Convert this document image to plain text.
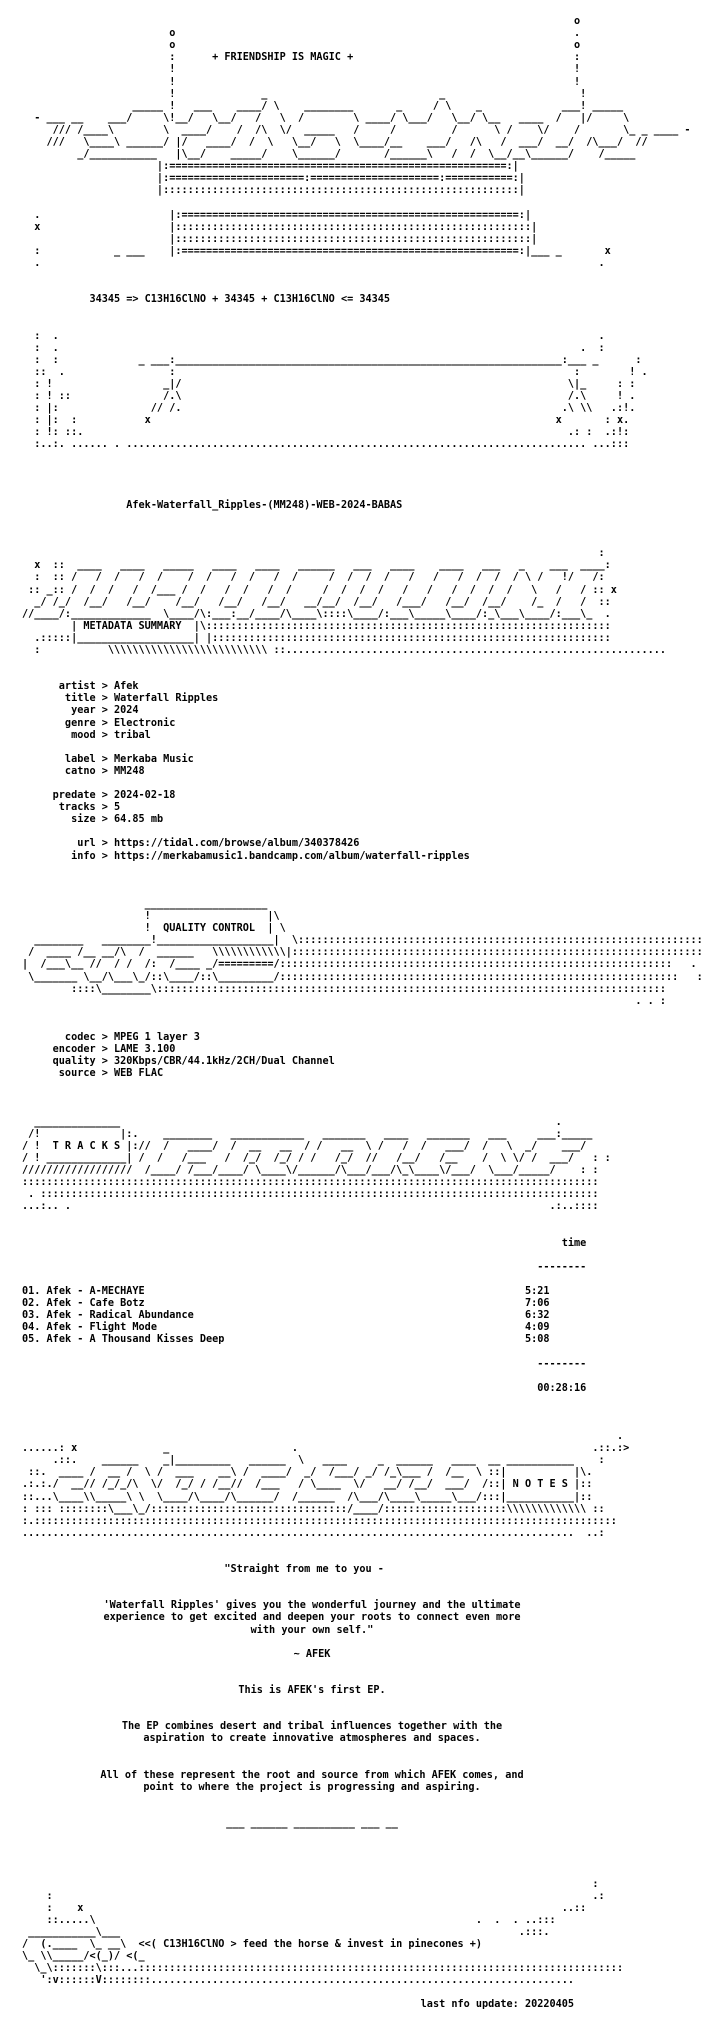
o
o                                                                 .
o                                                                 o
:      + FRIENDSHIP IS MAGIC +                                    :
!                                                                 !
!                                                                 !
!              _                            _                      !
_____ !   ___    ____/ \    ________       _     / \    _             ___! _____
- ___ __    ___/     \!__/   \__/   /   \  /        \ ____/ \___/   \__/ \__   ____  /   |/     \
/// /____\        \  ____/    /  /\  \/  _____   /     /         /      \ /    \/    /       \_ _ ____ -
///   \____\ ______/ |/   ____/  /  \   \__/   \  \____/__    ___/   /\   /  ___/  __/  /\___/  //
_/___________   |\__/    _____/    \______/       /______\   /  /  \__/__\______/    /_____
|:=======================================================:|
|:======================:=====================:===========:|
|::::::::::::::::::::::::::::::::::::::::::::::::::::::::::|

.                     |:=======================================================:|
x                     |::::::::::::::::::::::::::::::::::::::::::::::::::::::::::|
|::::::::::::::::::::::::::::::::::::::::::::::::::::::::::|
:            _ ___    |:=======================================================:|___ _       x
.                                                                                           .

34345 => C13H16ClNO + 34345 + C13H16ClNO <= 34345

:  .                                                                                        .
:  .                                                                                     .  :
:  :             _ ___:_______________________________________________________________:___ _      :
::  .                 :                                                                 :        ! .
: !                  _|/                                                               \|_     : :
: ! ::               /.\                                                               /.\     ! .
: |:               // /.                                                              .\ \\   .:!.
: |:  :           x                                                                  x       : x.
: !: ::.                                                                               .: :  .:!:
:..:. ...... . ........................................................................... ...:::

Afek-Waterfall_Ripples-(MM248)-WEB-2024-BABAS

:
x  ::  ____   ____   _____   ____   ____   ______   ___   ____    ____   ___   _    ___  ____:
:  :: /   /  /   /  /    /  /   /  /   /  /     /  /  /  /   /   /   /  /  /  / \ /   !/   /:
:: _:: /  /  /   /  /___ /  /   /  /   /  /     /  /  /  /   /   /   /  /  /  /   \   /   / :: x
_/ /_/  /__/   /__/    /__/   /__/   /__/   __/__/  /__/   /___/   /__/  /__/    /_  /   /  ::
//____/:_____________  \____/\:___:__/____/\____\::::\____/:___\_____\____/:_\___\____/:___\_  .
| METADATA SUMMARY  |\::::::::::::::::::::::::::::::::::::::::::::::::::::::::::::::::::
.:::::|___________________| |:::::::::::::::::::::::::::::::::::::::::::::::::::::::::::::::::
:           \\\\\\\\\\\\\\\\\\\\\\\\\\ ::..............................................................

artist > Afek
title > Waterfall Ripples
year > 2024
genre > Electronic
mood > tribal

label > Merkaba Music
catno > MM248

predate > 2024-02-18
tracks > 5
size > 64.85 mb

url > https://tidal.com/browse/album/340378426
info > https://merkabamusic1.bandcamp.com/album/waterfall-ripples

____________________
!                   |\
!  QUALITY CONTROL  | \
________   ________!___________________|  \::::::::::::::::::::::::::::::::::::::::::::::::::::::::::::::::::
/  ____ /__ __/\  /  ______   \\\\\\\\\\\\|:::::::::::::::::::::::::::::::::::::::::::::::::::::::::::::::::::
|  /___\__ //  / /  /:  /____ _/=========/::::::::::::::::::::::::::::::::::::::::::::::::::::::::::::::::   .
\_______ \__/\___\_/::\____/::\_________/:::::::::::::::::::::::::::::::::::::::::::::::::::::::::::::::::   :
::::\________\:::::::::::::::::::::::::::::::::::::::::::::::::::::::::::::::::::::::::::::::::::
. . :

codec > MPEG 1 layer 3
encoder > LAME 3.100
quality > 320Kbps/CBR/44.1kHz/2CH/Dual Channel
source > WEB FLAC

______________                                                                       .
/!             |:.    ________   ____________   _______   ____   _______   ___     ___:_____
/ !  T R A C K S |://  /   ____/  /  __   __  / /   __  \ /   /  /   ___/  /   \  _/    ___/
/ ! _____________| /  /   /___   /  /_/  /_/ / /   /_/  //   /__/   /__    /  \ \/ /  ___/   : :
//////////////////  /____/ /___/____/ \____\/______/\___/___/\_\____\/___/  \___/_____/    : :
::::::::::::::::::::::::::::::::::::::::::::::::::::::::::::::::::::::::::::::::::::::::::::::
. :::::::::::::::::::::::::::::::::::::::::::::::::::::::::::::::::::::::::::::::::::::::::::
...:.. .                                                                              .:..::::

time

--------

01. Afek - A-MECHAYE	5:21
02. Afek - Cafe Botz	7:06
03. Afek - Radical Abundance	6:32
04. Afek - Flight Mode	4:09
05. Afek - A Thousand Kisses Deep	5:08

--------

00:28:16

.
......: x              _                    .                                                .::.:>
.::.    ______    _|_________   ______  \   ____     _  ______   ____  __ ___________    :
::.  ____ /  __ /  \ /  ___    __\ /  ____/  _/  /___/ _/ /_\___ /  /__  \ ::|           |\.
.:.:./  __// /_/_/\  \/  /_/ / /__//  /___   / \____  \/   __/ /__/  ___/  /::| N O T E S |::
::...\____\\_____\ \  \____/\____/\______/  /______  /\___/\____\_____\___/:::|___________|::
: ::: ::::::::\___\_/::::::::::::::::::::::::::::::::/____/::::::::::::::::::::\\\\\\\\\\\\\ ::
:.:::::::::::::::::::::::::::::::::::::::::::::::::::::::::::::::::::::::::::::::::::::::::::::::
..........................................................................................  ..:

"Straight from me to you -

'Waterfall Ripples' gives you the wonderful journey and the ultimate
experience to get excited and deepen your roots to connect even more
with your own self."

~ AFEK

This is AFEK's first EP.

The EP combines desert and tribal influences together with the
aspiration to create innovative atmospheres and spaces.

All of these represent the root and source from which AFEK comes, and
point to where the project is progressing and aspiring.

___ ______ __________ ___ __

:
:                                                                                        .:
:    x                                                                              ..::
::.....\                                                              .  .  . ..:::
___________\___                                                                 .:::.
/  (.____  \_ __\  <<( C13H16ClNO > feed the horse & invest in pinecones +)
\_ \\_____/<(_)/ <(_
\_\:::::::\:::...:::::::::::::::::::::::::::::::::::::::::::::::::::::::::::::::::::::::::::::::
':v::::::V::::::::.....................................................................

last nfo update: 20220405
